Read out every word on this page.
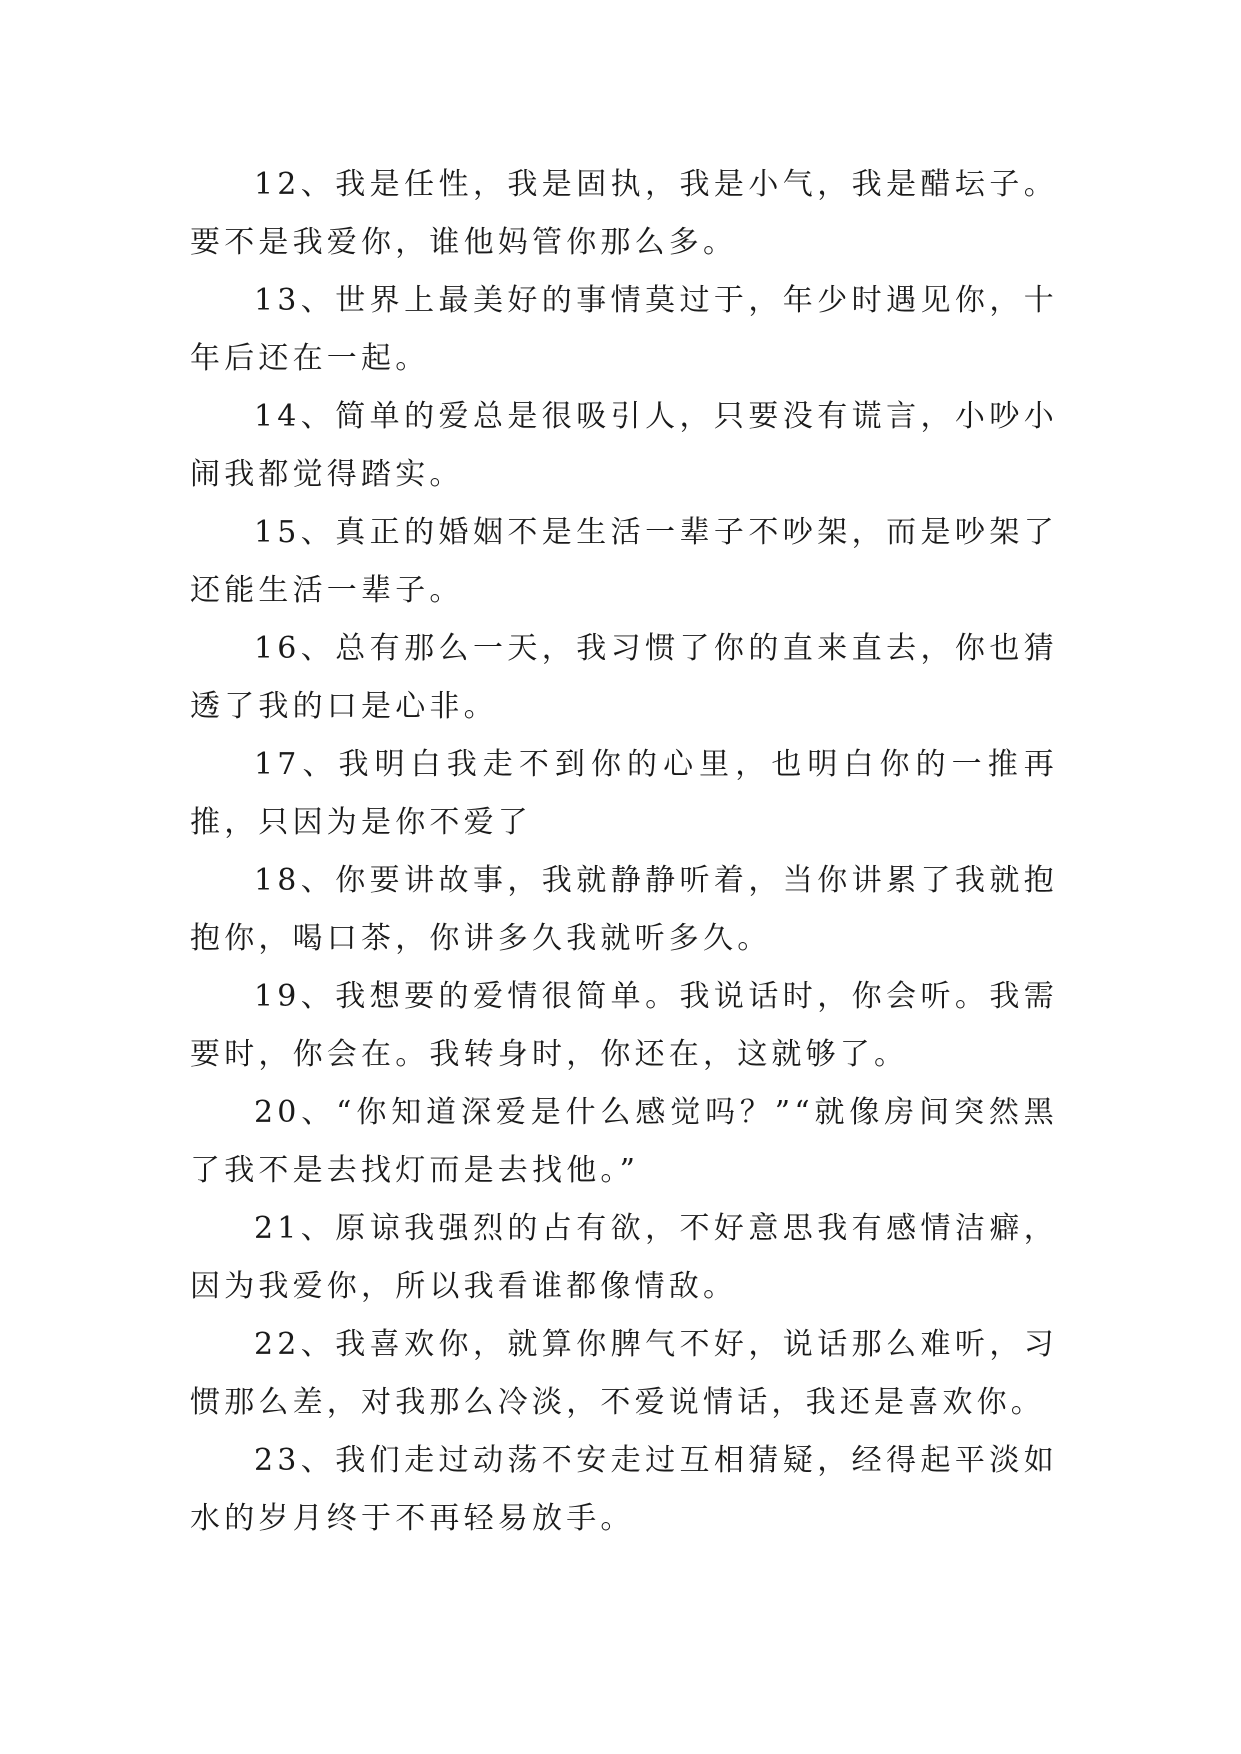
12、我是任性，我是固执，我是小气，我是醋坛子。要不是我爱你，谁他妈管你那么多。

13、世界上最美好的事情莫过于，年少时遇见你，十年后还在一起。

14、简单的爱总是很吸引人，只要没有谎言，小吵小闹我都觉得踏实。

15、真正的婚姻不是生活一辈子不吵架，而是吵架了还能生活一辈子。

16、总有那么一天，我习惯了你的直来直去，你也猜透了我的口是心非。

17、我明白我走不到你的心里，也明白你的一推再推，只因为是你不爱了

18、你要讲故事，我就静静听着，当你讲累了我就抱抱你，喝口茶，你讲多久我就听多久。

19、我想要的爱情很简单。我说话时，你会听。我需要时，你会在。我转身时，你还在，这就够了。

20、“你知道深爱是什么感觉吗？”“就像房间突然黑了我不是去找灯而是去找他。”

21、原谅我强烈的占有欲，不好意思我有感情洁癖，因为我爱你，所以我看谁都像情敌。

22、我喜欢你，就算你脾气不好，说话那么难听，习惯那么差，对我那么冷淡，不爱说情话，我还是喜欢你。

23、我们走过动荡不安走过互相猜疑，经得起平淡如水的岁月终于不再轻易放手。
